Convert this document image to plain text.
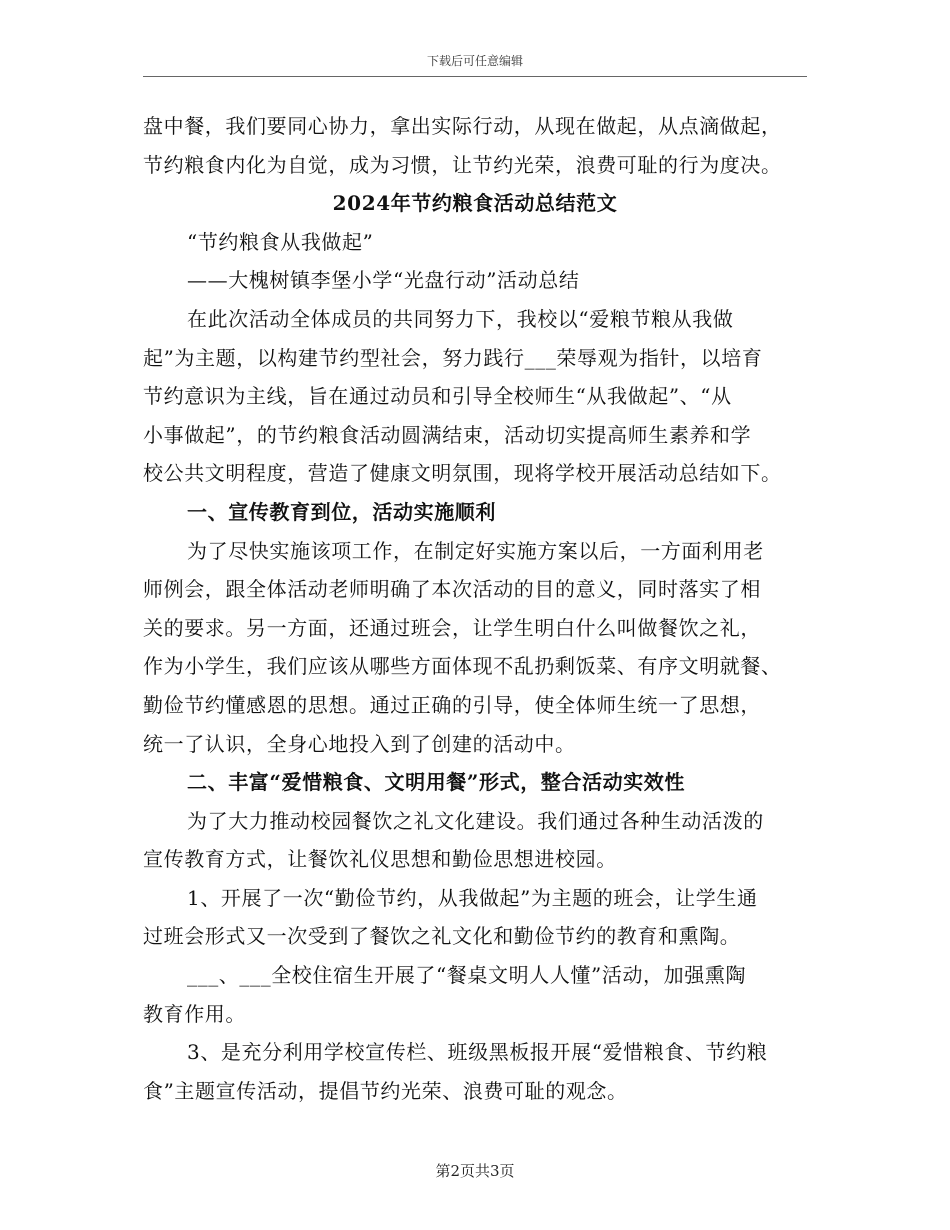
下载后可任意编辑
盘中餐，我们要同心协力，拿出实际行动，从现在做起，从点滴做起，
节约粮食内化为自觉，成为习惯，让节约光荣，浪费可耻的行为度决。
2024年节约粮食活动总结范文
“节约粮食从我做起”
——大槐树镇李堡小学“光盘行动”活动总结
在此次活动全体成员的共同努力下，我校以“爱粮节粮从我做
起”为主题，以构建节约型社会，努力践行___荣辱观为指针，以培育
节约意识为主线，旨在通过动员和引导全校师生“从我做起”、“从
小事做起”，的节约粮食活动圆满结束，活动切实提高师生素养和学
校公共文明程度，营造了健康文明氛围，现将学校开展活动总结如下。
一、宣传教育到位，活动实施顺利
为了尽快实施该项工作，在制定好实施方案以后，一方面利用老
师例会，跟全体活动老师明确了本次活动的目的意义，同时落实了相
关的要求。另一方面，还通过班会，让学生明白什么叫做餐饮之礼，
作为小学生，我们应该从哪些方面体现不乱扔剩饭菜、有序文明就餐、
勤俭节约懂感恩的思想。通过正确的引导，使全体师生统一了思想，
统一了认识，全身心地投入到了创建的活动中。
二、丰富“爱惜粮食、文明用餐”形式，整合活动实效性
为了大力推动校园餐饮之礼文化建设。我们通过各种生动活泼的
宣传教育方式，让餐饮礼仪思想和勤俭思想进校园。
1、开展了一次“勤俭节约，从我做起”为主题的班会，让学生通
过班会形式又一次受到了餐饮之礼文化和勤俭节约的教育和熏陶。
___、___全校住宿生开展了“餐桌文明人人懂”活动，加强熏陶
教育作用。
3、是充分利用学校宣传栏、班级黑板报开展“爱惜粮食、节约粮
食”主题宣传活动，提倡节约光荣、浪费可耻的观念。
第2页共3页
